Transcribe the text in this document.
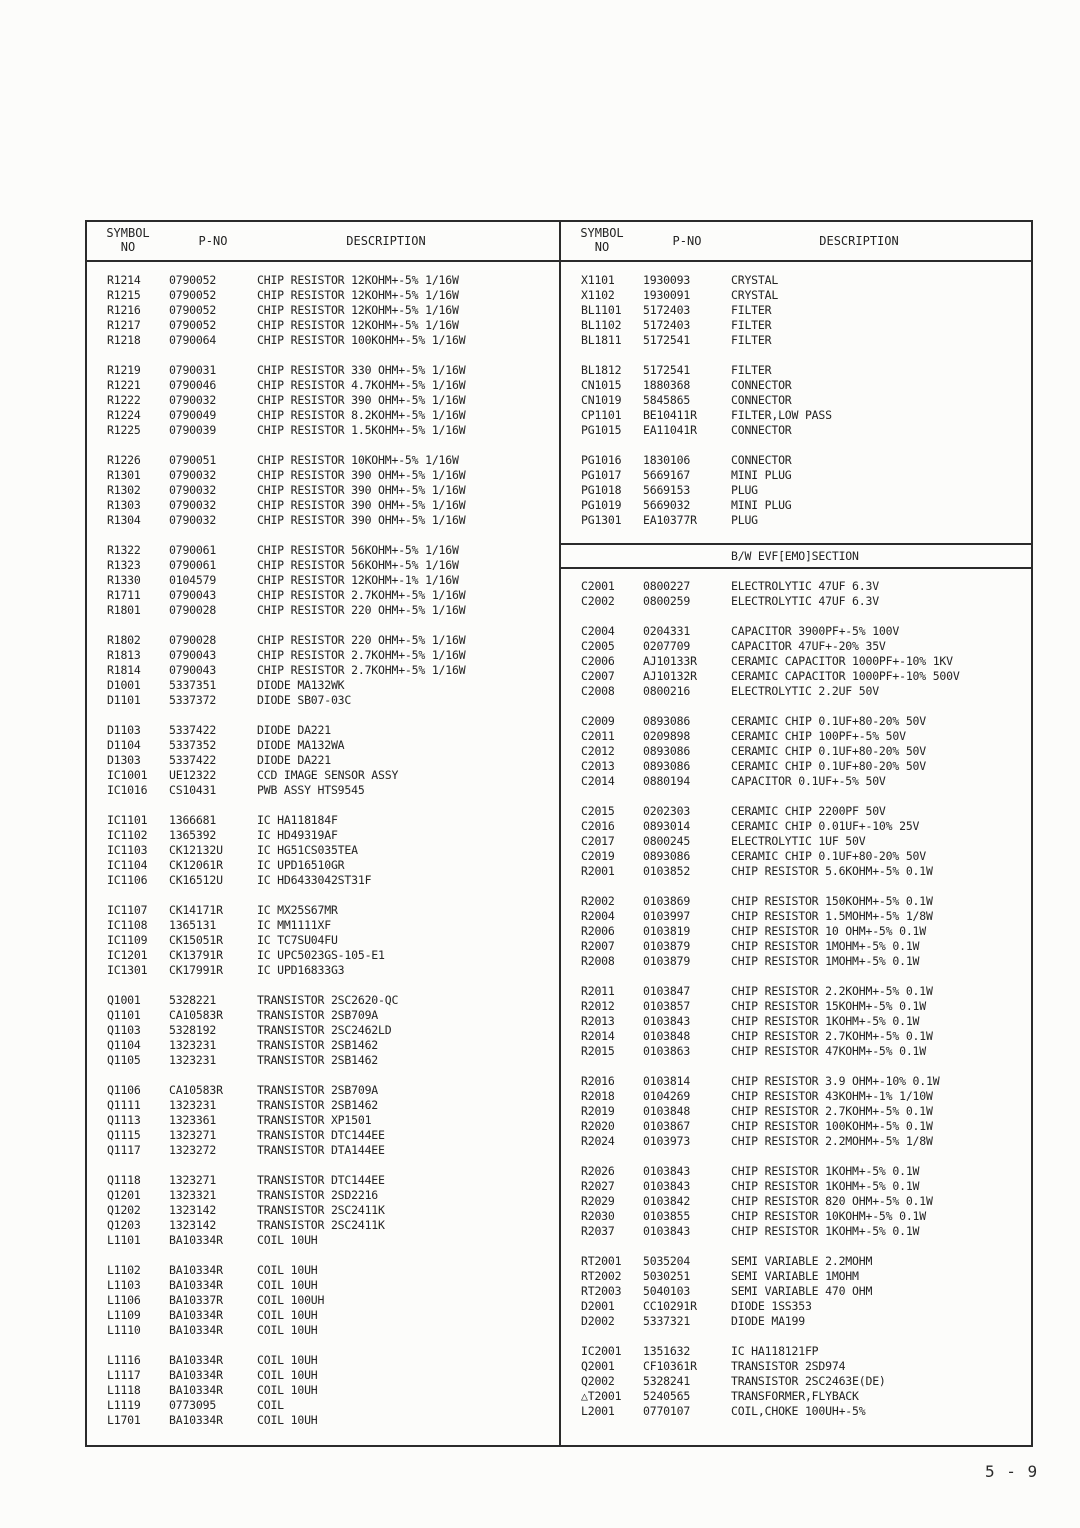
SYMBOL
NO	P-NO	DESCRIPTION
SYMBOL
NO	P-NO	DESCRIPTION
R1214	0790052	CHIP RESISTOR 12KOHM+-5% 1/16W
R1215	0790052	CHIP RESISTOR 12KOHM+-5% 1/16W
R1216	0790052	CHIP RESISTOR 12KOHM+-5% 1/16W
R1217	0790052	CHIP RESISTOR 12KOHM+-5% 1/16W
R1218	0790064	CHIP RESISTOR 100KOHM+-5% 1/16W
R1219	0790031	CHIP RESISTOR 330 OHM+-5% 1/16W
R1221	0790046	CHIP RESISTOR 4.7KOHM+-5% 1/16W
R1222	0790032	CHIP RESISTOR 390 OHM+-5% 1/16W
R1224	0790049	CHIP RESISTOR 8.2KOHM+-5% 1/16W
R1225	0790039	CHIP RESISTOR 1.5KOHM+-5% 1/16W
R1226	0790051	CHIP RESISTOR 10KOHM+-5% 1/16W
R1301	0790032	CHIP RESISTOR 390 OHM+-5% 1/16W
R1302	0790032	CHIP RESISTOR 390 OHM+-5% 1/16W
R1303	0790032	CHIP RESISTOR 390 OHM+-5% 1/16W
R1304	0790032	CHIP RESISTOR 390 OHM+-5% 1/16W
R1322	0790061	CHIP RESISTOR 56KOHM+-5% 1/16W
R1323	0790061	CHIP RESISTOR 56KOHM+-5% 1/16W
R1330	0104579	CHIP RESISTOR 12KOHM+-1% 1/16W
R1711	0790043	CHIP RESISTOR 2.7KOHM+-5% 1/16W
R1801	0790028	CHIP RESISTOR 220 OHM+-5% 1/16W
R1802	0790028	CHIP RESISTOR 220 OHM+-5% 1/16W
R1813	0790043	CHIP RESISTOR 2.7KOHM+-5% 1/16W
R1814	0790043	CHIP RESISTOR 2.7KOHM+-5% 1/16W
D1001	5337351	DIODE MA132WK
D1101	5337372	DIODE SB07-03C
D1103	5337422	DIODE DA221
D1104	5337352	DIODE MA132WA
D1303	5337422	DIODE DA221
IC1001	UE12322	CCD IMAGE SENSOR ASSY
IC1016	CS10431	PWB ASSY HTS9545
IC1101	1366681	IC HA118184F
IC1102	1365392	IC HD49319AF
IC1103	CK12132U	IC HG51CS035TEA
IC1104	CK12061R	IC UPD16510GR
IC1106	CK16512U	IC HD6433042ST31F
IC1107	CK14171R	IC MX25S67MR
IC1108	1365131	IC MM1111XF
IC1109	CK15051R	IC TC7SU04FU
IC1201	CK13791R	IC UPC5023GS-105-E1
IC1301	CK17991R	IC UPD16833G3
Q1001	5328221	TRANSISTOR 2SC2620-QC
Q1101	CA10583R	TRANSISTOR 2SB709A
Q1103	5328192	TRANSISTOR 2SC2462LD
Q1104	1323231	TRANSISTOR 2SB1462
Q1105	1323231	TRANSISTOR 2SB1462
Q1106	CA10583R	TRANSISTOR 2SB709A
Q1111	1323231	TRANSISTOR 2SB1462
Q1113	1323361	TRANSISTOR XP1501
Q1115	1323271	TRANSISTOR DTC144EE
Q1117	1323272	TRANSISTOR DTA144EE
Q1118	1323271	TRANSISTOR DTC144EE
Q1201	1323321	TRANSISTOR 2SD2216
Q1202	1323142	TRANSISTOR 2SC2411K
Q1203	1323142	TRANSISTOR 2SC2411K
L1101	BA10334R	COIL 10UH
L1102	BA10334R	COIL 10UH
L1103	BA10334R	COIL 10UH
L1106	BA10337R	COIL 100UH
L1109	BA10334R	COIL 10UH
L1110	BA10334R	COIL 10UH
L1116	BA10334R	COIL 10UH
L1117	BA10334R	COIL 10UH
L1118	BA10334R	COIL 10UH
L1119	0773095	COIL
L1701	BA10334R	COIL 10UH
X1101	1930093	CRYSTAL
X1102	1930091	CRYSTAL
BL1101	5172403	FILTER
BL1102	5172403	FILTER
BL1811	5172541	FILTER
BL1812	5172541	FILTER
CN1015	1880368	CONNECTOR
CN1019	5845865	CONNECTOR
CP1101	BE10411R	FILTER,LOW PASS
PG1015	EA11041R	CONNECTOR
PG1016	1830106	CONNECTOR
PG1017	5669167	MINI PLUG
PG1018	5669153	PLUG
PG1019	5669032	MINI PLUG
PG1301	EA10377R	PLUG
B/W EVF[EMO]SECTION
C2001	0800227	ELECTROLYTIC 47UF 6.3V
C2002	0800259	ELECTROLYTIC 47UF 6.3V
C2004	0204331	CAPACITOR 3900PF+-5% 100V
C2005	0207709	CAPACITOR 47UF+-20% 35V
C2006	AJ10133R	CERAMIC CAPACITOR 1000PF+-10% 1KV
C2007	AJ10132R	CERAMIC CAPACITOR 1000PF+-10% 500V
C2008	0800216	ELECTROLYTIC 2.2UF 50V
C2009	0893086	CERAMIC CHIP 0.1UF+80-20% 50V
C2011	0209898	CERAMIC CHIP 100PF+-5% 50V
C2012	0893086	CERAMIC CHIP 0.1UF+80-20% 50V
C2013	0893086	CERAMIC CHIP 0.1UF+80-20% 50V
C2014	0880194	CAPACITOR 0.1UF+-5% 50V
C2015	0202303	CERAMIC CHIP 2200PF 50V
C2016	0893014	CERAMIC CHIP 0.01UF+-10% 25V
C2017	0800245	ELECTROLYTIC 1UF 50V
C2019	0893086	CERAMIC CHIP 0.1UF+80-20% 50V
R2001	0103852	CHIP RESISTOR 5.6KOHM+-5% 0.1W
R2002	0103869	CHIP RESISTOR 150KOHM+-5% 0.1W
R2004	0103997	CHIP RESISTOR 1.5MOHM+-5% 1/8W
R2006	0103819	CHIP RESISTOR 10 OHM+-5% 0.1W
R2007	0103879	CHIP RESISTOR 1MOHM+-5% 0.1W
R2008	0103879	CHIP RESISTOR 1MOHM+-5% 0.1W
R2011	0103847	CHIP RESISTOR 2.2KOHM+-5% 0.1W
R2012	0103857	CHIP RESISTOR 15KOHM+-5% 0.1W
R2013	0103843	CHIP RESISTOR 1KOHM+-5% 0.1W
R2014	0103848	CHIP RESISTOR 2.7KOHM+-5% 0.1W
R2015	0103863	CHIP RESISTOR 47KOHM+-5% 0.1W
R2016	0103814	CHIP RESISTOR 3.9 OHM+-10% 0.1W
R2018	0104269	CHIP RESISTOR 43KOHM+-1% 1/10W
R2019	0103848	CHIP RESISTOR 2.7KOHM+-5% 0.1W
R2020	0103867	CHIP RESISTOR 100KOHM+-5% 0.1W
R2024	0103973	CHIP RESISTOR 2.2MOHM+-5% 1/8W
R2026	0103843	CHIP RESISTOR 1KOHM+-5% 0.1W
R2027	0103843	CHIP RESISTOR 1KOHM+-5% 0.1W
R2029	0103842	CHIP RESISTOR 820 OHM+-5% 0.1W
R2030	0103855	CHIP RESISTOR 10KOHM+-5% 0.1W
R2037	0103843	CHIP RESISTOR 1KOHM+-5% 0.1W
RT2001	5035204	SEMI VARIABLE 2.2MOHM
RT2002	5030251	SEMI VARIABLE 1MOHM
RT2003	5040103	SEMI VARIABLE 470 OHM
D2001	CC10291R	DIODE 1SS353
D2002	5337321	DIODE MA199
IC2001	1351632	IC HA118121FP
Q2001	CF10361R	TRANSISTOR 2SD974
Q2002	5328241	TRANSISTOR 2SC2463E(DE)
△T2001	5240565	TRANSFORMER,FLYBACK
L2001	0770107	COIL,CHOKE 100UH+-5%
5 - 9
